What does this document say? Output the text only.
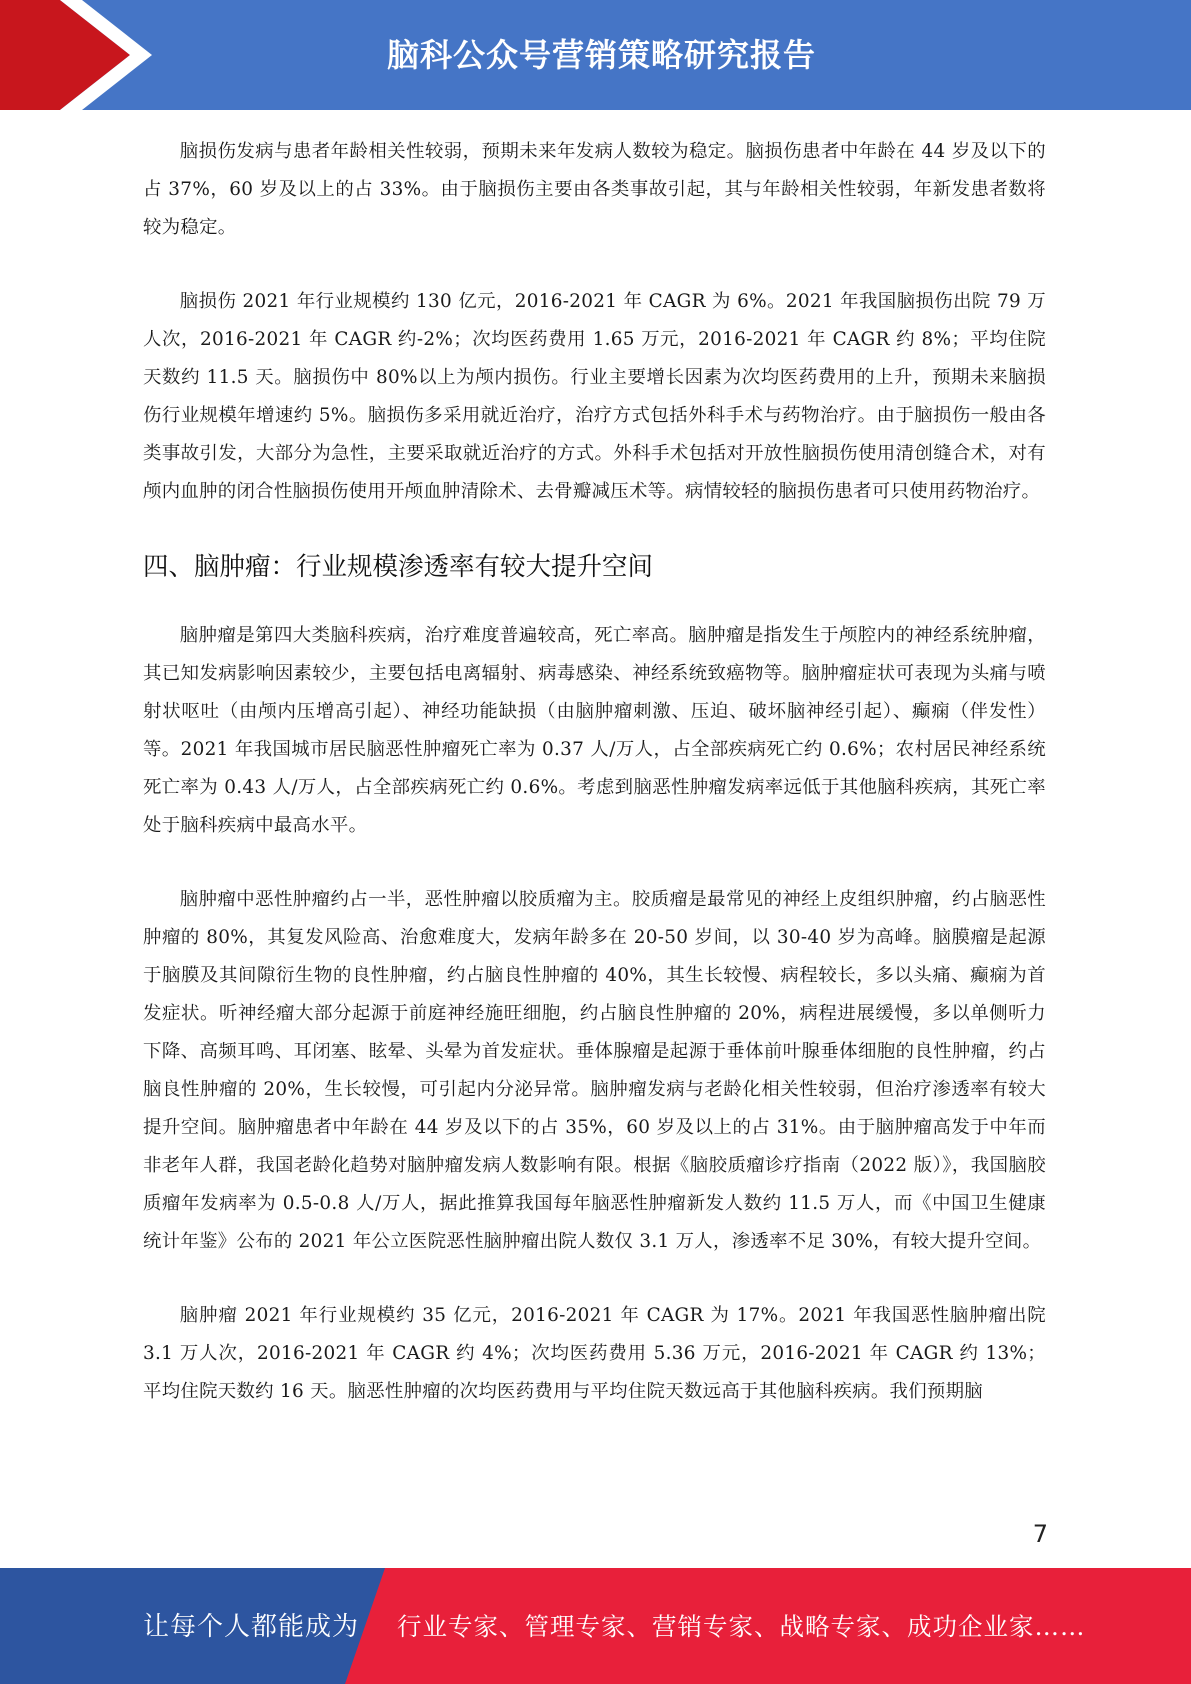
脑科公众号营销策略研究报告

脑损伤发病与患者年龄相关性较弱，预期未来年发病人数较为稳定。脑损伤患者中年龄在 44 岁及以下的占 37%，60 岁及以上的占 33%。由于脑损伤主要由各类事故引起，其与年龄相关性较弱，年新发患者数将较为稳定。

脑损伤 2021 年行业规模约 130 亿元，2016-2021 年 CAGR 为 6%。2021 年我国脑损伤出院 79 万人次，2016-2021 年 CAGR 约-2%；次均医药费用 1.65 万元，2016-2021 年 CAGR 约 8%；平均住院天数约 11.5 天。脑损伤中 80%以上为颅内损伤。行业主要增长因素为次均医药费用的上升，预期未来脑损伤行业规模年增速约 5%。脑损伤多采用就近治疗，治疗方式包括外科手术与药物治疗。由于脑损伤一般由各类事故引发，大部分为急性，主要采取就近治疗的方式。外科手术包括对开放性脑损伤使用清创缝合术，对有颅内血肿的闭合性脑损伤使用开颅血肿清除术、去骨瓣减压术等。病情较轻的脑损伤患者可只使用药物治疗。

四、脑肿瘤：行业规模渗透率有较大提升空间

脑肿瘤是第四大类脑科疾病，治疗难度普遍较高，死亡率高。脑肿瘤是指发生于颅腔内的神经系统肿瘤，其已知发病影响因素较少，主要包括电离辐射、病毒感染、神经系统致癌物等。脑肿瘤症状可表现为头痛与喷射状呕吐（由颅内压增高引起）、神经功能缺损（由脑肿瘤刺激、压迫、破坏脑神经引起）、癫痫（伴发性）等。2021 年我国城市居民脑恶性肿瘤死亡率为 0.37 人/万人，占全部疾病死亡约 0.6%；农村居民神经系统死亡率为 0.43 人/万人，占全部疾病死亡约 0.6%。考虑到脑恶性肿瘤发病率远低于其他脑科疾病，其死亡率处于脑科疾病中最高水平。

脑肿瘤中恶性肿瘤约占一半，恶性肿瘤以胶质瘤为主。胶质瘤是最常见的神经上皮组织肿瘤，约占脑恶性肿瘤的 80%，其复发风险高、治愈难度大，发病年龄多在 20-50 岁间，以 30-40 岁为高峰。脑膜瘤是起源于脑膜及其间隙衍生物的良性肿瘤，约占脑良性肿瘤的 40%，其生长较慢、病程较长，多以头痛、癫痫为首发症状。听神经瘤大部分起源于前庭神经施旺细胞，约占脑良性肿瘤的 20%，病程进展缓慢，多以单侧听力下降、高频耳鸣、耳闭塞、眩晕、头晕为首发症状。垂体腺瘤是起源于垂体前叶腺垂体细胞的良性肿瘤，约占脑良性肿瘤的 20%，生长较慢，可引起内分泌异常。脑肿瘤发病与老龄化相关性较弱，但治疗渗透率有较大提升空间。脑肿瘤患者中年龄在 44 岁及以下的占 35%，60 岁及以上的占 31%。由于脑肿瘤高发于中年而非老年人群，我国老龄化趋势对脑肿瘤发病人数影响有限。根据《脑胶质瘤诊疗指南（2022 版）》，我国脑胶质瘤年发病率为 0.5-0.8 人/万人，据此推算我国每年脑恶性肿瘤新发人数约 11.5 万人，而《中国卫生健康统计年鉴》公布的 2021 年公立医院恶性脑肿瘤出院人数仅 3.1 万人，渗透率不足 30%，有较大提升空间。

脑肿瘤 2021 年行业规模约 35 亿元，2016-2021 年 CAGR 为 17%。2021 年我国恶性脑肿瘤出院 3.1 万人次，2016-2021 年 CAGR 约 4%；次均医药费用 5.36 万元，2016-2021 年 CAGR 约 13%；平均住院天数约 16 天。脑恶性肿瘤的次均医药费用与平均住院天数远高于其他脑科疾病。我们预期脑

7
让每个人都能成为 行业专家、管理专家、营销专家、战略专家、成功企业家……
